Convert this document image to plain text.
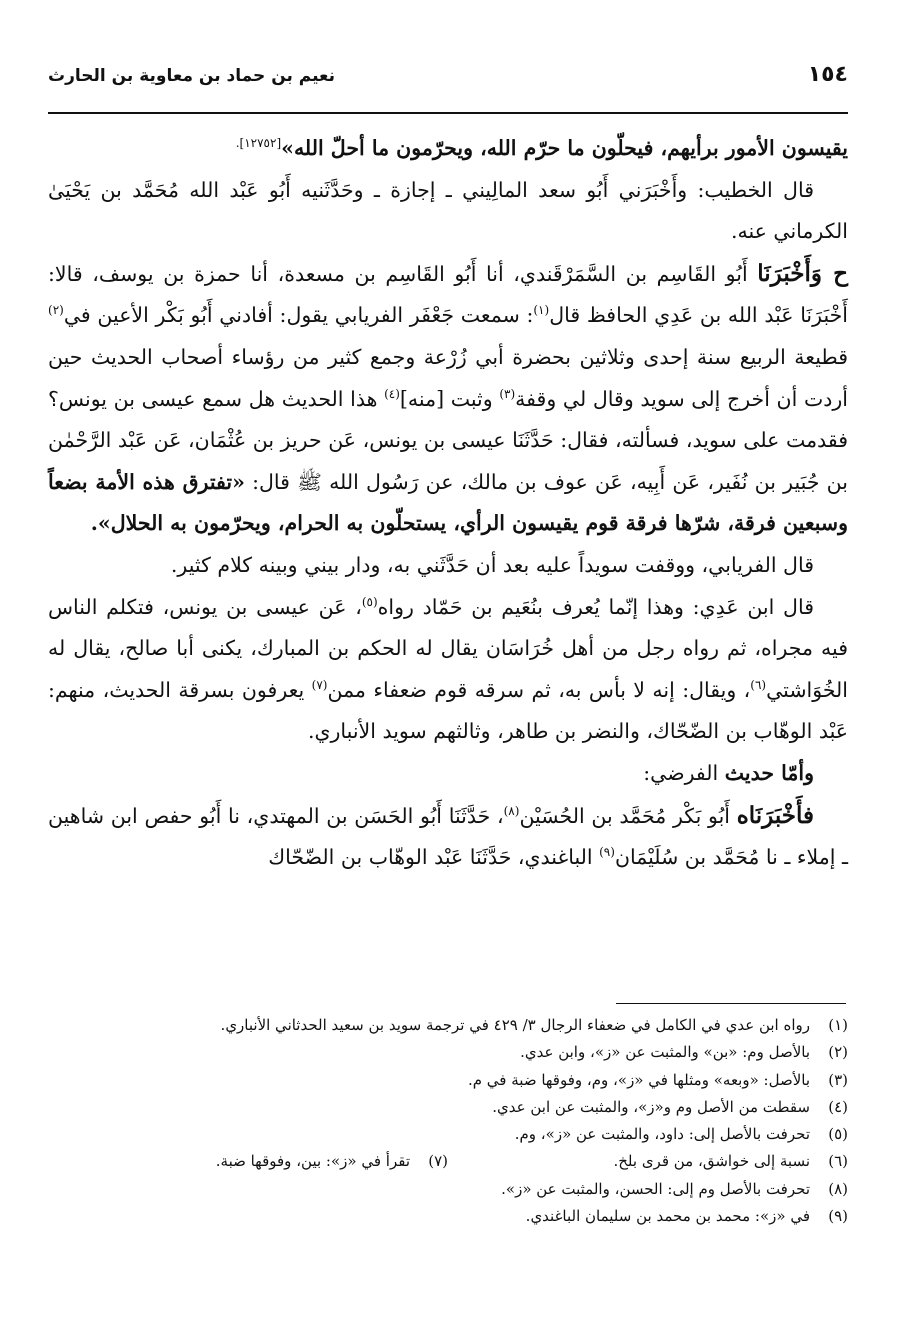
نعيم بن حماد بن معاوية بن الحارث	١٥٤

يقيسون الأمور برأيهم، فيحلّون ما حرّم الله، ويحرّمون ما أحلّ الله»$^{[١٢٧٥٢].}$

قال الخطيب: وأَخْبَرَني أَبُو سعد المالِيني ـ إجازة ـ وحَدَّثَنيه أَبُو عَبْد الله مُحَمَّد بن يَحْيَىٰ الكرماني عنه.

ح وَأَخْبَرَنَا أَبُو القَاسِم بن السَّمَرْقَندي، أنا أَبُو القَاسِم بن مسعدة، أنا حمزة بن يوسف، قالا: أَخْبَرَنَا عَبْد الله بن عَدِي الحافظ قال$^{(١)}$: سمعت جَعْفَر الفريابي يقول: أفادني أَبُو بَكْر الأعين في$^{(٢)}$ قطيعة الربيع سنة إحدى وثلاثين بحضرة أبي زُرْعة وجمع كثير من رؤساء أصحاب الحديث حين أردت أن أخرج إلى سويد وقال لي وقفة$^{(٣)}$ وثبت [منه]$^{(٤)}$ هذا الحديث هل سمع عيسى بن يونس؟ فقدمت على سويد، فسألته، فقال: حَدَّثَنَا عيسى بن يونس، عَن حريز بن عُثْمَان، عَن عَبْد الرَّحْمٰن بن جُبَير بن نُفَير، عَن أَبِيه، عَن عوف بن مالك، عن رَسُول الله ﷺ قال: «تفترق هذه الأمة بضعاً وسبعين فرقة، شرّها فرقة قوم يقيسون الرأي، يستحلّون به الحرام، ويحرّمون به الحلال».

قال الفريابي، ووقفت سويداً عليه بعد أن حَدَّثَني به، ودار بيني وبينه كلام كثير.

قال ابن عَدِي: وهذا إنّما يُعرف بنُعَيم بن حَمّاد رواه$^{(٥)}$، عَن عيسى بن يونس، فتكلم الناس فيه مجراه، ثم رواه رجل من أهل خُرَاسَان يقال له الحكم بن المبارك، يكنى أبا صالح، يقال له الخُوَاشتي$^{(٦)}$، ويقال: إنه لا بأس به، ثم سرقه قوم ضعفاء ممن$^{(٧)}$ يعرفون بسرقة الحديث، منهم: عَبْد الوهّاب بن الضّحّاك، والنضر بن طاهر، وثالثهم سويد الأنباري.

وأمّا حديث الفرضي:

فأَخْبَرَنَاه أَبُو بَكْر مُحَمَّد بن الحُسَيْن$^{(٨)}$، حَدَّثَنَا أَبُو الحَسَن بن المهتدي، نا أَبُو حفص ابن شاهين ـ إملاء ـ نا مُحَمَّد بن سُلَيْمَان$^{(٩)}$ الباغندي، حَدَّثَنَا عَبْد الوهّاب بن الضّحّاك

(١)رواه ابن عدي في الكامل في ضعفاء الرجال ٣/ ٤٢٩ في ترجمة سويد بن سعيد الحدثاني الأنباري.
(٢)بالأصل وم: «بن» والمثبت عن «ز»، وابن عدي.
(٣)بالأصل: «وبعه» ومثلها في «ز»، وم، وفوقها ضبة في م.
(٤)سقطت من الأصل وم و«ز»، والمثبت عن ابن عدي.
(٥)تحرفت بالأصل إلى: داود، والمثبت عن «ز»، وم.
(٦)نسبة إلى خواشق، من قرى بلخ.
(٧)تقرأ في «ز»: بين، وفوقها ضبة.
(٨)تحرفت بالأصل وم إلى: الحسن، والمثبت عن «ز».
(٩)في «ز»: محمد بن محمد بن سليمان الباغندي.
